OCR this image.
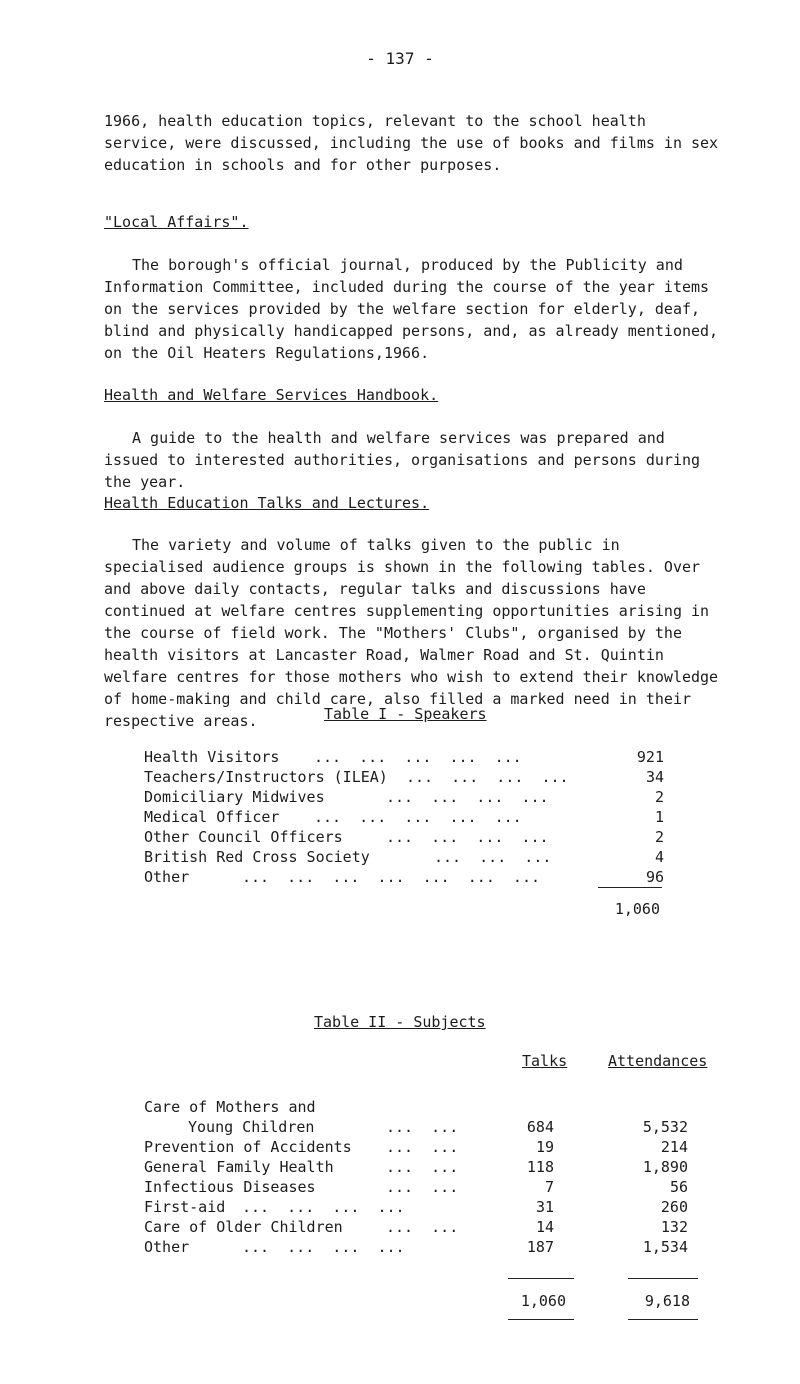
- 137 -

1966, health education topics, relevant to the school health service, were discussed, including the use of books and films in sex education in schools and for other purposes.

"Local Affairs".

The borough's official journal, produced by the Publicity and Information Committee, included during the course of the year items on the services provided by the welfare section for elderly, deaf, blind and physically handicapped persons, and, as already mentioned, on the Oil Heaters Regulations,1966.

Health and Welfare Services Handbook.

A guide to the health and welfare services was prepared and issued to interested authorities, organisations and persons during the year.

Health Education Talks and Lectures.

The variety and volume of talks given to the public in specialised audience groups is shown in the following tables. Over and above daily contacts, regular talks and discussions have continued at welfare centres supplementing opportunities arising in the course of field work. The "Mothers' Clubs", organised by the health visitors at Lancaster Road, Walmer Road and St. Quintin welfare centres for those mothers who wish to extend their knowledge of home-making and child care, also filled a marked need in their respective areas.	Table I - Speakers

Health Visitors ...  ...  ...  ...  ...	921
Teachers/Instructors (ILEA) ...  ...  ...  ...	34
Domiciliary Midwives	...  ...  ...  ...	2
Medical Officer ...  ...  ...  ...  ...	1
Other Council Officers	...  ...  ...  ...	2
British Red Cross Society	...  ...  ...	4
Other	...  ...  ...  ...  ...  ...  ...	96
1,060

Table II - Subjects

Talks	Attendances
Care of Mothers and
Young Children	...  ...	684	5,532
Prevention of Accidents ...  ...	19	214
General Family Health	...  ...	118	1,890
Infectious Diseases	...  ...	7	56
First-aid ...  ...  ...  ...	31	260
Care of Older Children	...  ...	14	132
Other	...  ...  ...  ...	187	1,534
1,060	9,618
